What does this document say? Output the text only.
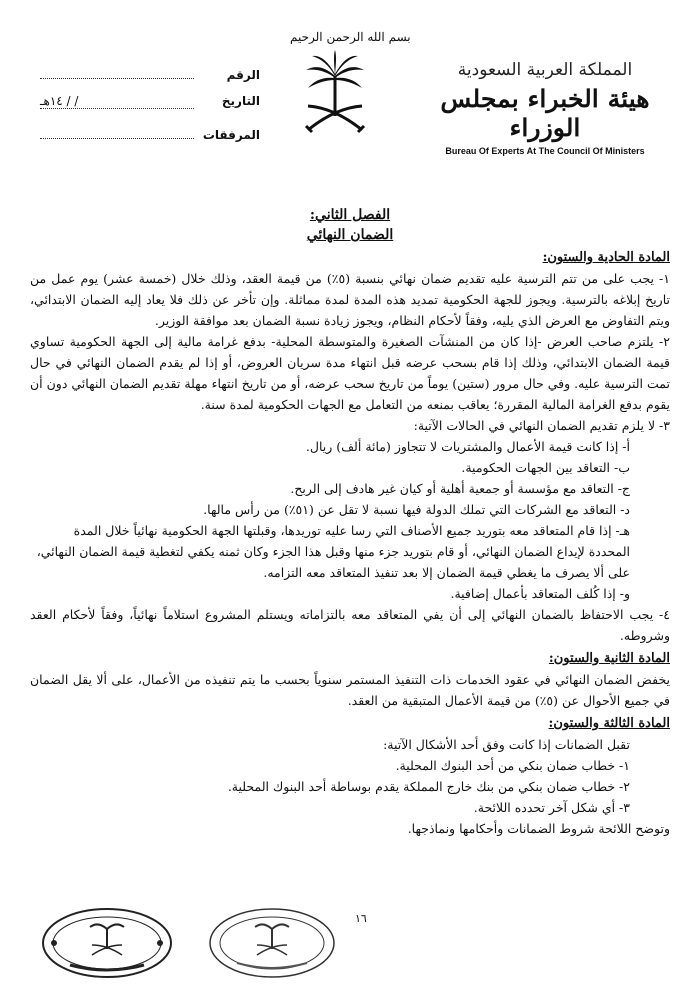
بسم الله الرحمن الرحيم
الرقم
التاريخ
/ / ١٤هـ
المرفقات
المملكة العربية السعودية
هيئة الخبراء بمجلس الوزراء
Bureau Of Experts At The Council Of Ministers
الفصل الثاني:
الضمان النهائي
المادة الحادية والستون:

١- يجب على من تتم الترسية عليه تقديم ضمان نهائي بنسبة (٥٪) من قيمة العقد، وذلك خلال (خمسة عشر) يوم عمل من تاريخ إبلاغه بالترسية. ويجوز للجهة الحكومية تمديد هذه المدة لمدة مماثلة. وإن تأخر عن ذلك فلا يعاد إليه الضمان الابتدائي، ويتم التفاوض مع العرض الذي يليه، وفقاً لأحكام النظام، ويجوز زيادة نسبة الضمان بعد موافقة الوزير.

٢- يلتزم صاحب العرض -إذا كان من المنشآت الصغيرة والمتوسطة المحلية- بدفع غرامة مالية إلى الجهة الحكومية تساوي قيمة الضمان الابتدائي، وذلك إذا قام بسحب عرضه قبل انتهاء مدة سريان العروض، أو إذا لم يقدم الضمان النهائي في حال تمت الترسية عليه. وفي حال مرور (ستين) يوماً من تاريخ سحب عرضه، أو من تاريخ انتهاء مهلة تقديم الضمان النهائي دون أن يقوم بدفع الغرامة المالية المقررة؛ يعاقب بمنعه من التعامل مع الجهات الحكومية لمدة سنة.

٣- لا يلزم تقديم الضمان النهائي في الحالات الآتية:

أ- إذا كانت قيمة الأعمال والمشتريات لا تتجاوز (مائة ألف) ريال.

ب- التعاقد بين الجهات الحكومية.

ج- التعاقد مع مؤسسة أو جمعية أهلية أو كيان غير هادف إلى الربح.

د- التعاقد مع الشركات التي تملك الدولة فيها نسبة لا تقل عن (٥١٪) من رأس مالها.

هـ- إذا قام المتعاقد معه بتوريد جميع الأصناف التي رسا عليه توريدها، وقبلتها الجهة الحكومية نهائياً خلال المدة المحددة لإيداع الضمان النهائي، أو قام بتوريد جزء منها وقبل هذا الجزء وكان ثمنه يكفي لتغطية قيمة الضمان النهائي، على ألا يصرف ما يغطي قيمة الضمان إلا بعد تنفيذ المتعاقد معه التزامه.

و- إذا كُلف المتعاقد بأعمال إضافية.

٤- يجب الاحتفاظ بالضمان النهائي إلى أن يفي المتعاقد معه بالتزاماته ويستلم المشروع استلاماً نهائياً، وفقاً لأحكام العقد وشروطه.

المادة الثانية والستون:

يخفض الضمان النهائي في عقود الخدمات ذات التنفيذ المستمر سنوياً بحسب ما يتم تنفيذه من الأعمال، على ألا يقل الضمان في جميع الأحوال عن (٥٪) من قيمة الأعمال المتبقية من العقد.

المادة الثالثة والستون:

تقبل الضمانات إذا كانت وفق أحد الأشكال الآتية:

١- خطاب ضمان بنكي من أحد البنوك المحلية.

٢- خطاب ضمان بنكي من بنك خارج المملكة يقدم بوساطة أحد البنوك المحلية.

٣- أي شكل آخر تحدده اللائحة.

وتوضح اللائحة شروط الضمانات وأحكامها ونماذجها.

١٦
